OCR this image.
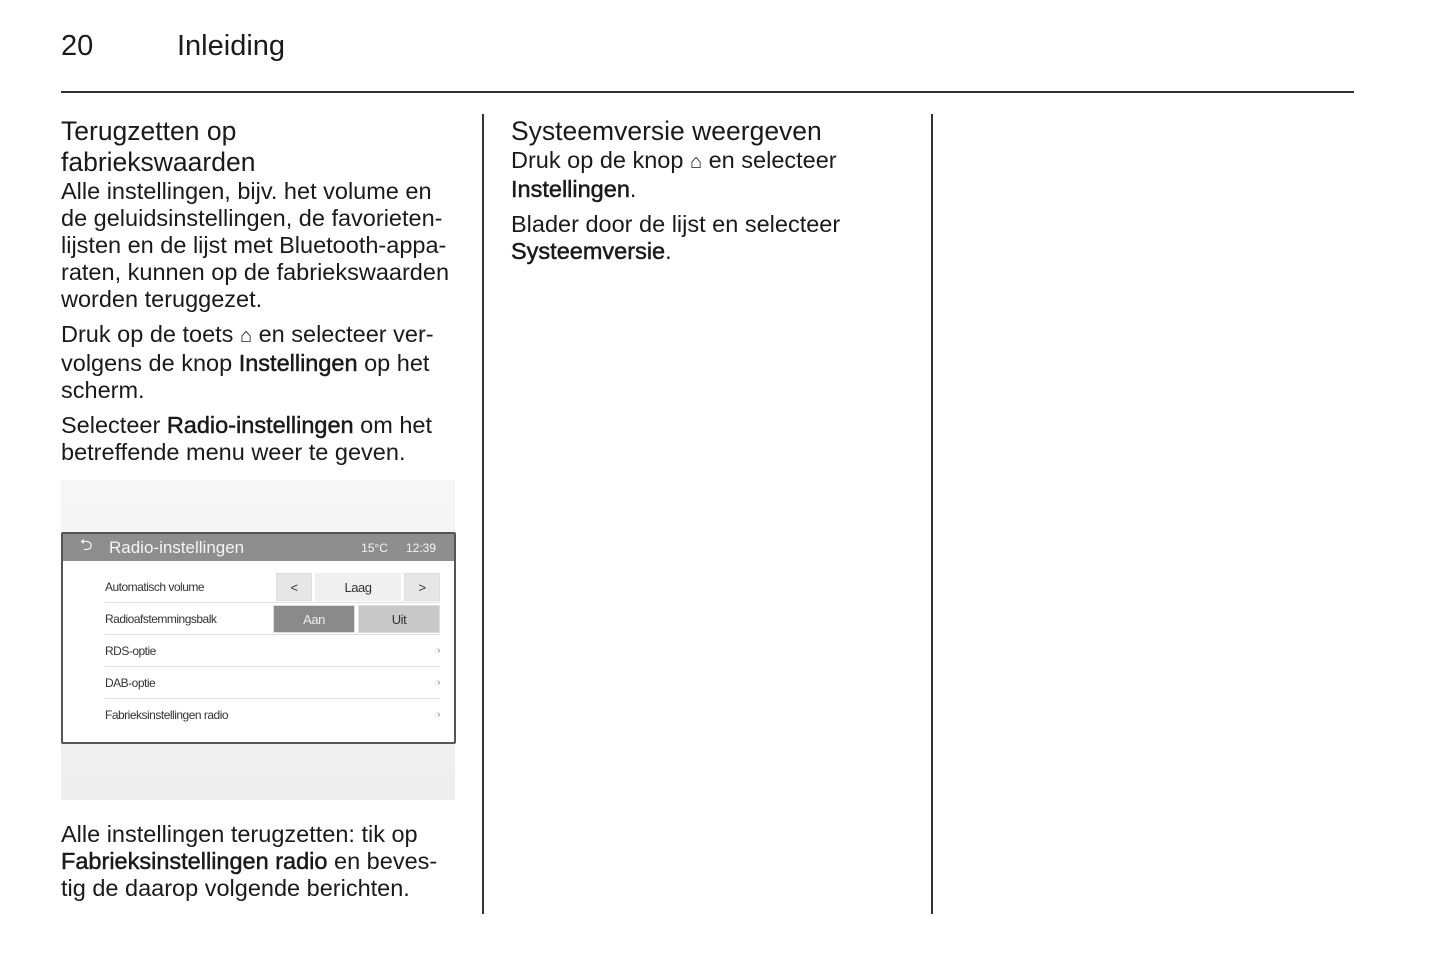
20	Inleiding
Terugzetten op
fabriekswaarden

Alle instellingen, bijv. het volume en
de geluidsinstellingen, de favorieten-
lijsten en de lijst met Bluetooth-appa-
raten, kunnen op de fabriekswaarden
worden teruggezet.

Druk op de toets ⌂ en selecteer ver-
volgens de knop Instellingen op het
scherm.

Selecteer Radio-instellingen om het
betreffende menu weer te geven.

⮌ Radio-instellingen	15°C 12:39
Automatisch volume	<	Laag	>
Radioafstemmingsbalk	Aan	Uit
RDS-optie	›
DAB-optie	›
Fabrieksinstellingen radio	›

Alle instellingen terugzetten: tik op
Fabrieksinstellingen radio en beves-
tig de daarop volgende berichten.

Systeemversie weergeven

Druk op de knop ⌂ en selecteer
Instellingen.

Blader door de lijst en selecteer
Systeemversie.
